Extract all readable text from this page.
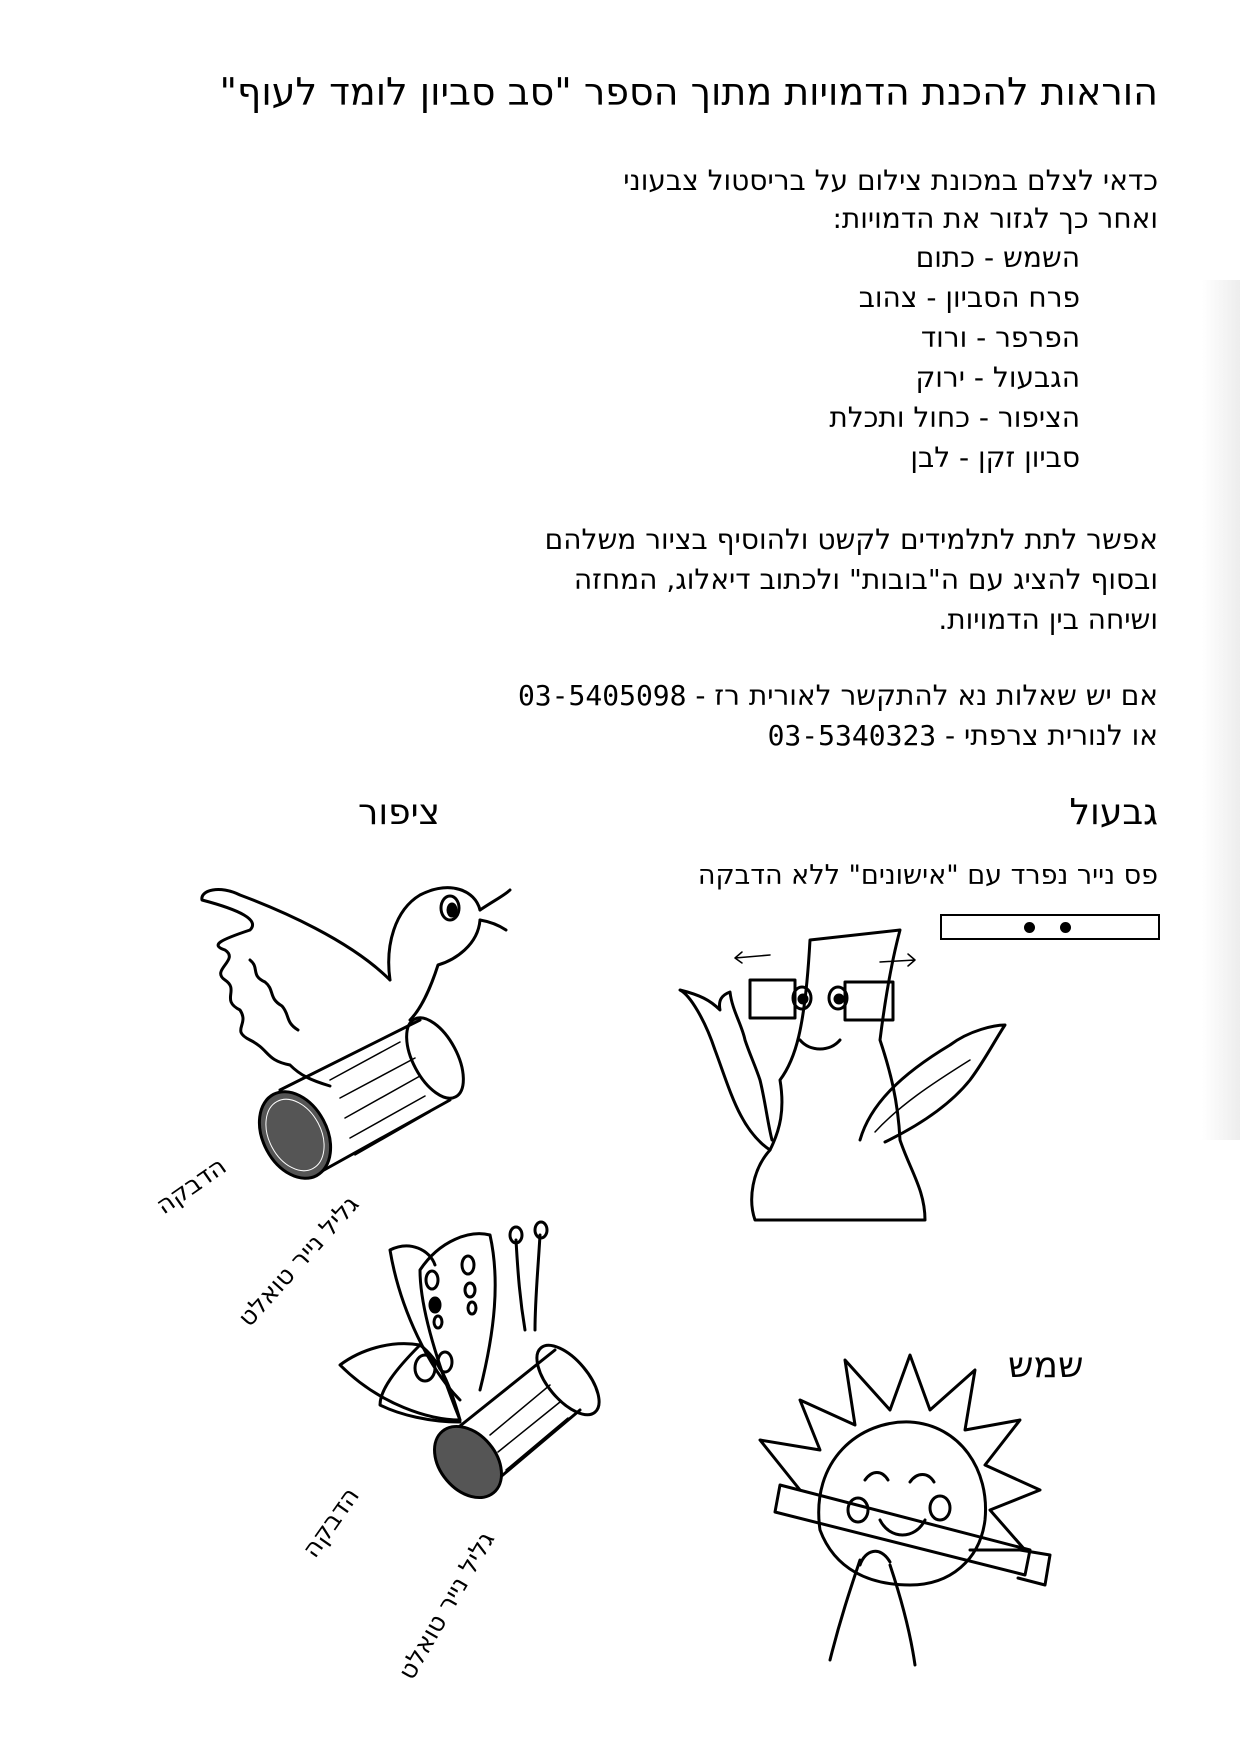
הוראות להכנת הדמויות מתוך הספר "סב סביון לומד לעוף"
כדאי לצלם במכונת צילום על בריסטול צבעוני
ואחר כך לגזור את הדמויות:
השמש - כתום
פרח הסביון - צהוב
הפרפר - ורוד
הגבעול - ירוק
הציפור - כחול ותכלת
סביון זקן - לבן
אפשר לתת לתלמידים לקשט ולהוסיף בציור משלהם
ובסוף להציג עם ה"בובות" ולכתוב דיאלוג, המחזה
ושיחה בין הדמויות.
אם יש שאלות נא להתקשר לאורית רז - 03-5405098
או לנורית צרפתי - 03-5340323
גבעול
ציפור
שמש
פס נייר נפרד עם "אישונים" ללא הדבקה
הדבקה
גליל נייר טואלט
הדבקה
גליל נייר טואלט
